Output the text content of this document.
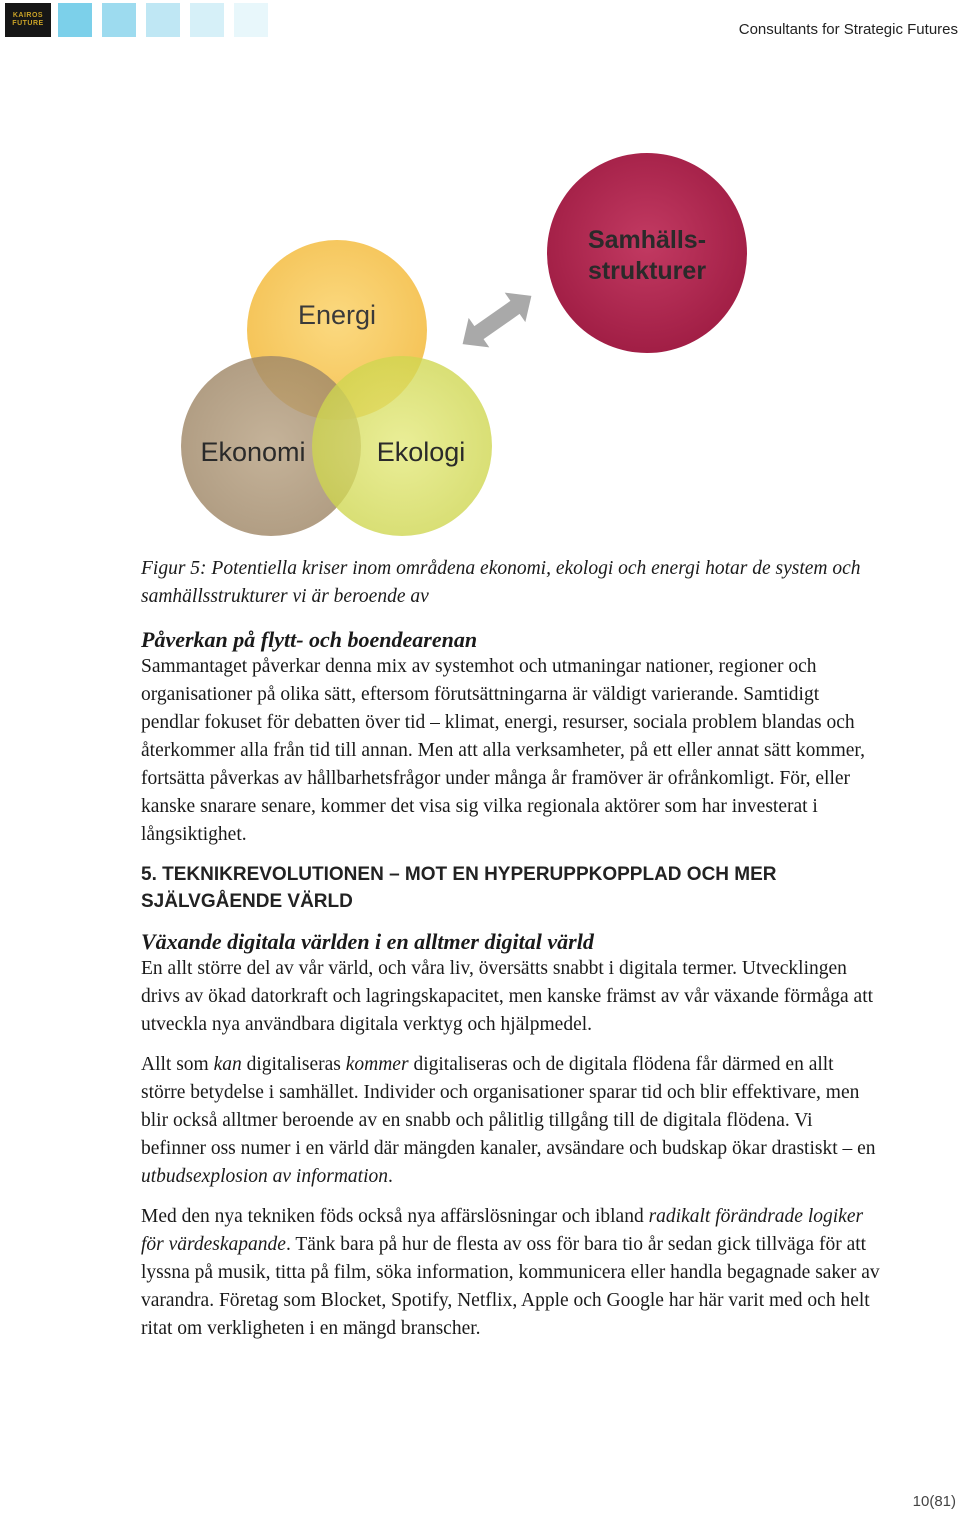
KAIROS
FUTURE	Consultants for Strategic Futures
Energi
Ekonomi	Ekologi
Samhälls-
strukturer

Figur 5: Potentiella kriser inom områdena ekonomi, ekologi och energi hotar de system och samhällsstrukturer vi är beroende av

Påverkan på flytt- och boendearenan

Sammantaget påverkar denna mix av systemhot och utmaningar nationer, regioner och organisationer på olika sätt, eftersom förutsättningarna är väldigt varierande. Samtidigt pendlar fokuset för debatten över tid – klimat, energi, resurser, sociala problem blandas och återkommer alla från tid till annan. Men att alla verksamheter, på ett eller annat sätt kommer, fortsätta påverkas av hållbarhetsfrågor under många år framöver är ofrånkomligt. För, eller kanske snarare senare, kommer det visa sig vilka regionala aktörer som har investerat i långsiktighet.

5. TEKNIKREVOLUTIONEN – MOT EN HYPERUPPKOPPLAD OCH MER SJÄLVGÅENDE VÄRLD
Växande digitala världen i en alltmer digital värld

En allt större del av vår värld, och våra liv, översätts snabbt i digitala termer. Utvecklingen drivs av ökad datorkraft och lagringskapacitet, men kanske främst av vår växande förmåga att utveckla nya användbara digitala verktyg och hjälpmedel.

Allt som kan digitaliseras kommer digitaliseras och de digitala flödena får därmed en allt större betydelse i samhället. Individer och organisationer sparar tid och blir effektivare, men blir också alltmer beroende av en snabb och pålitlig tillgång till de digitala flödena. Vi befinner oss numer i en värld där mängden kanaler, avsändare och budskap ökar drastiskt – en utbudsexplosion av information.

Med den nya tekniken föds också nya affärslösningar och ibland radikalt förändrade logiker för värdeskapande. Tänk bara på hur de flesta av oss för bara tio år sedan gick tillväga för att lyssna på musik, titta på film, söka information, kommunicera eller handla begagnade saker av varandra. Företag som Blocket, Spotify, Netflix, Apple och Google har här varit med och helt ritat om verkligheten i en mängd branscher.

10(81)
